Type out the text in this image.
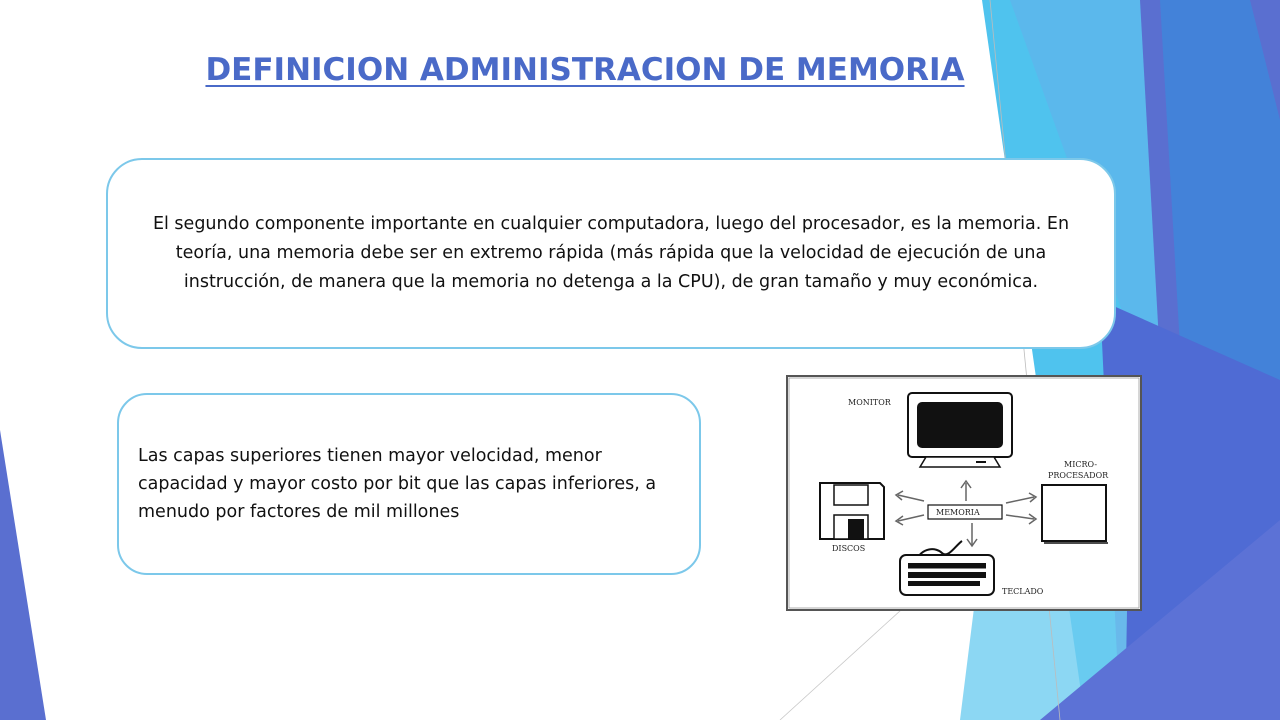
DEFINICION ADMINISTRACION DE MEMORIA
El segundo componente importante en cualquier computadora, luego del procesador, es la memoria. En teoría, una memoria debe ser en extremo rápida (más rápida que la velocidad de ejecución de una instrucción, de manera que la memoria no detenga a la CPU), de gran tamaño y muy económica.
Las capas superiores tienen mayor velocidad, menor capacidad y mayor costo por bit que las capas inferiores, a menudo por factores de mil millones
MONITOR
MICRO-
PROCESADOR
DISCOS
MEMORIA
TECLADO
